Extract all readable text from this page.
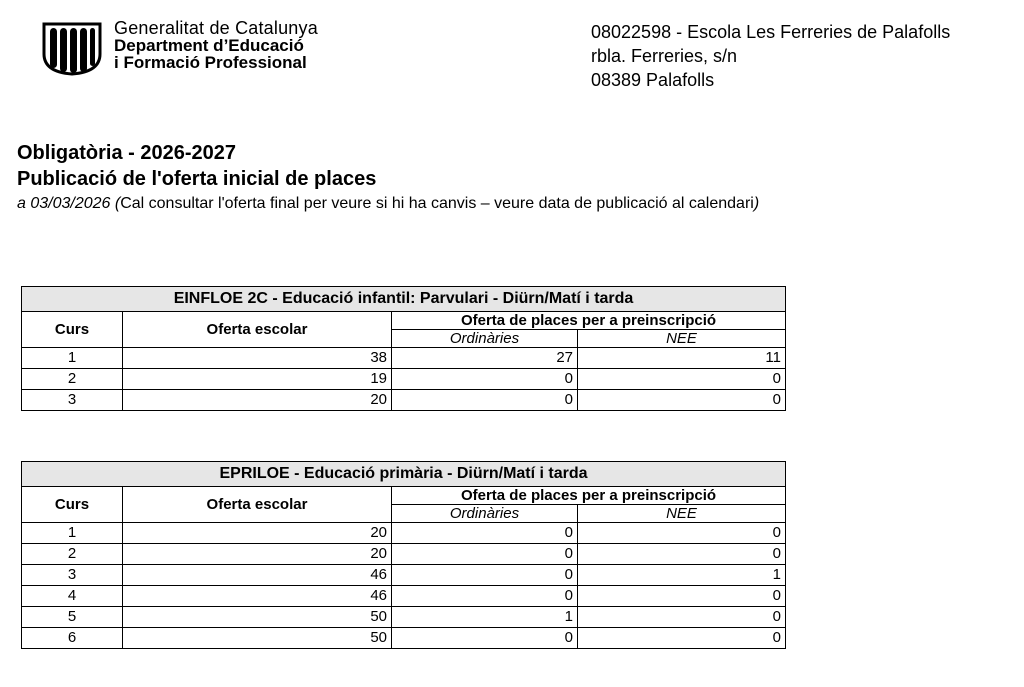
Generalitat de Catalunya
Department d’Educació
i Formació Professional
08022598 - Escola Les Ferreries de Palafolls
rbla. Ferreries, s/n
08389 Palafolls
Obligatòria - 2026-2027
Publicació de l'oferta inicial de places
a 03/03/2026 (Cal consultar l'oferta final per veure si hi ha canvis – veure data de publicació al calendari)
EINFLOE 2C - Educació infantil: Parvulari - Diürn/Matí i tarda			
Curs	Oferta escolar	Oferta de places per a preinscripció	
		Ordinàries	NEE
1	38	27	11
2	19	0	0
3	20	0	0
EPRILOE - Educació primària - Diürn/Matí i tarda			
Curs	Oferta escolar	Oferta de places per a preinscripció	
		Ordinàries	NEE
1	20	0	0
2	20	0	0
3	46	0	1
4	46	0	0
5	50	1	0
6	50	0	0
